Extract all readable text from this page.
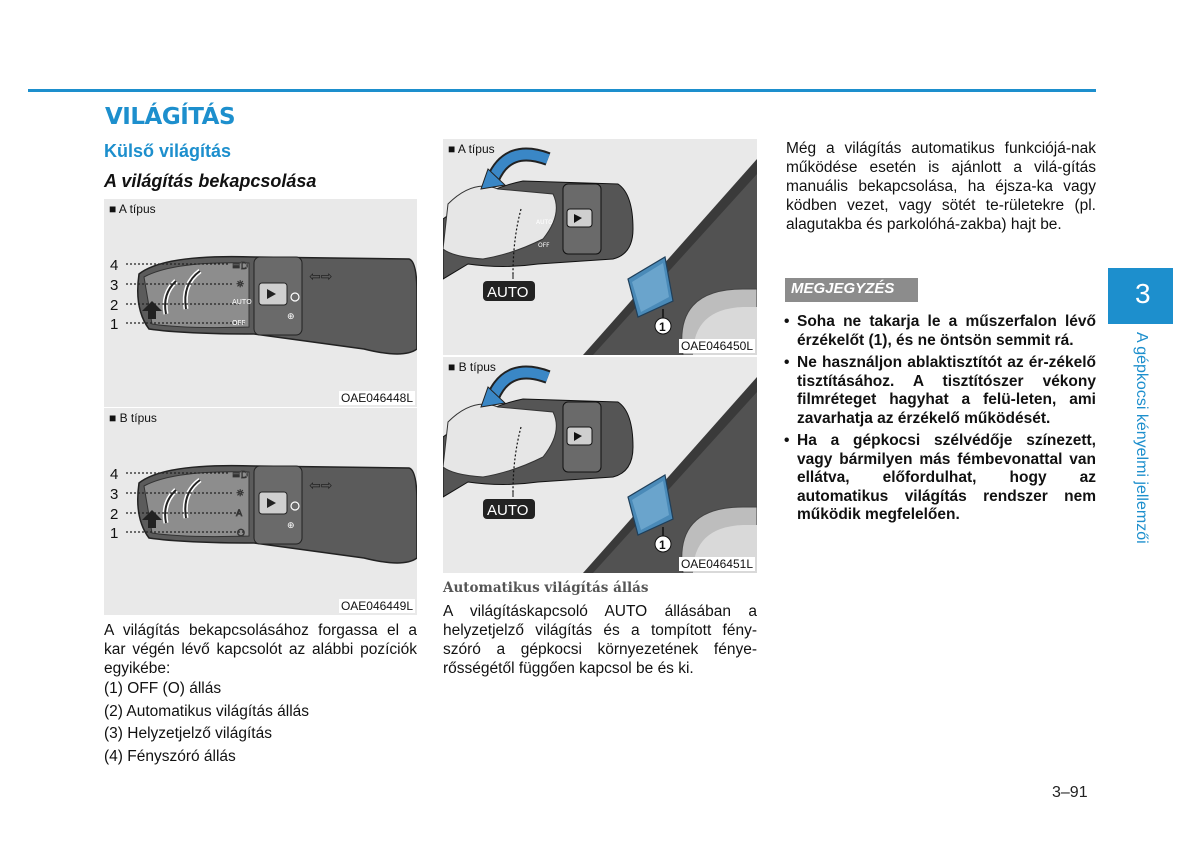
VILÁGÍTÁS
Külső világítás
A világítás bekapcsolása
≡D
☼
AUTO
OFF
⇦⇨
⊕
4
3
2
1
■ A típus
OAE046448L
≡D
☼
A
○
⇦⇨
⊕
4
3
2
1
■ B típus
OAE046449L
1
AUTO
OFF
AUTO
■ A típus
OAE046450L
1
AUTO
■ B típus
OAE046451L
A világítás bekapcsolásához forgassa el a kar végén lévő kapcsolót az alábbi pozíciók egyikébe:
(1) OFF (O) állás
(2) Automatikus világítás állás
(3) Helyzetjelző világítás
(4) Fényszóró állás
Automatikus világítás állás
A világításkapcsoló AUTO állásában a helyzetjelző világítás és a tompított fény-szóró a gépkocsi környezetének fénye-rősségétől függően kapcsol be és ki.
Még a világítás automatikus funkciójá-nak működése esetén is ajánlott a vilá-gítás manuális bekapcsolása, ha éjsza-ka vagy ködben vezet, vagy sötét te-rületekre (pl. alagutakba és parkolóhá-zakba) hajt be.
MEGJEGYZÉS
• Soha ne takarja le a műszerfalon lévő érzékelőt (1), és ne öntsön semmit rá.
• Ne használjon ablaktisztítót az ér-zékelő tisztításához. A tisztítószer vékony filmréteget hagyhat a felü-leten, ami zavarhatja az érzékelő működését.
• Ha a gépkocsi szélvédője színezett, vagy bármilyen más fémbevonattal van ellátva, előfordulhat, hogy az automatikus világítás rendszer nem működik megfelelően.
3
A gépkocsi kényelmi jellemzői
3–91
